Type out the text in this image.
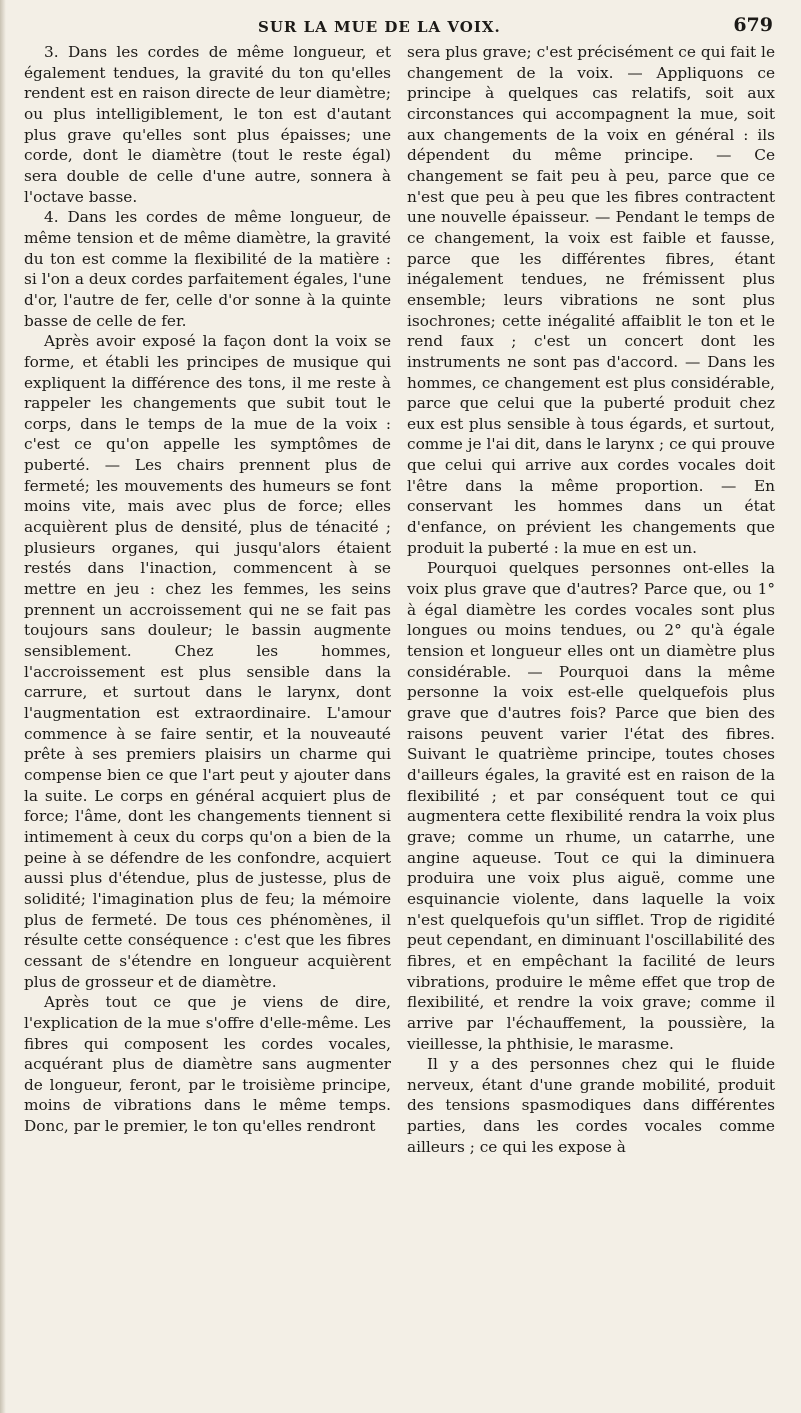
SUR LA MUE DE LA VOIX.	679

3. Dans les cordes de même longueur, et également tendues, la gravité du ton qu'elles rendent est en raison directe de leur diamètre; ou plus intelligiblement, le ton est d'autant plus grave qu'elles sont plus épaisses; une corde, dont le diamètre (tout le reste égal) sera double de celle d'une autre, sonnera à l'octave basse.

4. Dans les cordes de même longueur, de même tension et de même diamètre, la gravité du ton est comme la flexibilité de la matière : si l'on a deux cordes parfaitement égales, l'une d'or, l'autre de fer, celle d'or sonne à la quinte basse de celle de fer.

Après avoir exposé la façon dont la voix se forme, et établi les principes de musique qui expliquent la différence des tons, il me reste à rappeler les changements que subit tout le corps, dans le temps de la mue de la voix : c'est ce qu'on appelle les symptômes de puberté. — Les chairs prennent plus de fermeté; les mouvements des humeurs se font moins vite, mais avec plus de force; elles acquièrent plus de densité, plus de ténacité ; plusieurs organes, qui jusqu'alors étaient restés dans l'inaction, commencent à se mettre en jeu : chez les femmes, les seins prennent un accroissement qui ne se fait pas toujours sans douleur; le bassin augmente sensiblement. Chez les hommes, l'accroissement est plus sensible dans la carrure, et surtout dans le larynx, dont l'augmentation est extraordinaire. L'amour commence à se faire sentir, et la nouveauté prête à ses premiers plaisirs un charme qui compense bien ce que l'art peut y ajouter dans la suite. Le corps en général acquiert plus de force; l'âme, dont les changements tiennent si intimement à ceux du corps qu'on a bien de la peine à se défendre de les confondre, acquiert aussi plus d'étendue, plus de justesse, plus de solidité; l'imagination plus de feu; la mémoire plus de fermeté. De tous ces phénomènes, il résulte cette conséquence : c'est que les fibres cessant de s'étendre en longueur acquièrent plus de grosseur et de diamètre.

Après tout ce que je viens de dire, l'explication de la mue s'offre d'elle-même. Les fibres qui composent les cordes vocales, acquérant plus de diamètre sans augmenter de longueur, feront, par le troisième principe, moins de vibrations dans le même temps. Donc, par le premier, le ton qu'elles rendront

sera plus grave; c'est précisément ce qui fait le changement de la voix. — Appliquons ce principe à quelques cas relatifs, soit aux circonstances qui accompagnent la mue, soit aux changements de la voix en général : ils dépendent du même principe. — Ce changement se fait peu à peu, parce que ce n'est que peu à peu que les fibres contractent une nouvelle épaisseur. — Pendant le temps de ce changement, la voix est faible et fausse, parce que les différentes fibres, étant inégalement tendues, ne frémissent plus ensemble; leurs vibrations ne sont plus isochrones; cette inégalité affaiblit le ton et le rend faux ; c'est un concert dont les instruments ne sont pas d'accord. — Dans les hommes, ce changement est plus considérable, parce que celui que la puberté produit chez eux est plus sensible à tous égards, et surtout, comme je l'ai dit, dans le larynx ; ce qui prouve que celui qui arrive aux cordes vocales doit l'être dans la même proportion. — En conservant les hommes dans un état d'enfance, on prévient les changements que produit la puberté : la mue en est un.

Pourquoi quelques personnes ont-elles la voix plus grave que d'autres? Parce que, ou 1° à égal diamètre les cordes vocales sont plus longues ou moins tendues, ou 2° qu'à égale tension et longueur elles ont un diamètre plus considérable. — Pourquoi dans la même personne la voix est-elle quelquefois plus grave que d'autres fois? Parce que bien des raisons peuvent varier l'état des fibres. Suivant le quatrième principe, toutes choses d'ailleurs égales, la gravité est en raison de la flexibilité ; et par conséquent tout ce qui augmentera cette flexibilité rendra la voix plus grave; comme un rhume, un catarrhe, une angine aqueuse. Tout ce qui la diminuera produira une voix plus aiguë, comme une esquinancie violente, dans laquelle la voix n'est quelquefois qu'un sifflet. Trop de rigidité peut cependant, en diminuant l'oscillabilité des fibres, et en empêchant la facilité de leurs vibrations, produire le même effet que trop de flexibilité, et rendre la voix grave; comme il arrive par l'échauffement, la poussière, la vieillesse, la phthisie, le marasme.

Il y a des personnes chez qui le fluide nerveux, étant d'une grande mobilité, produit des tensions spasmodiques dans différentes parties, dans les cordes vocales comme ailleurs ; ce qui les expose à
